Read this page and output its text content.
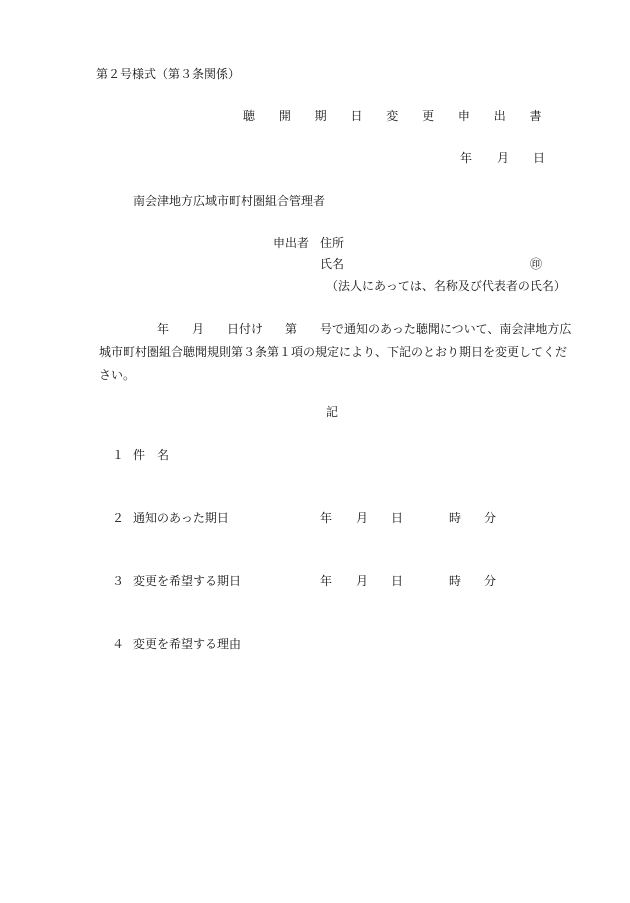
第２号様式（第３条関係）
聴 開 期 日 変 更 申 出 書
年 月 日
南会津地方広域市町村圏組合管理者
申出者 住所
氏名	㊞
（法人にあっては、名称及び代表者の氏名）
年 月 日付け 第 号で通知のあった聴聞について、南会津地方広
城市町村圏組合聴聞規則第３条第１項の規定により、下記のとおり期日を変更してくだ
さい。
記
１ 件　名
２ 通知のあった期日	年 月 日	時 分
３ 変更を希望する期日	年 月 日	時 分
４ 変更を希望する理由
